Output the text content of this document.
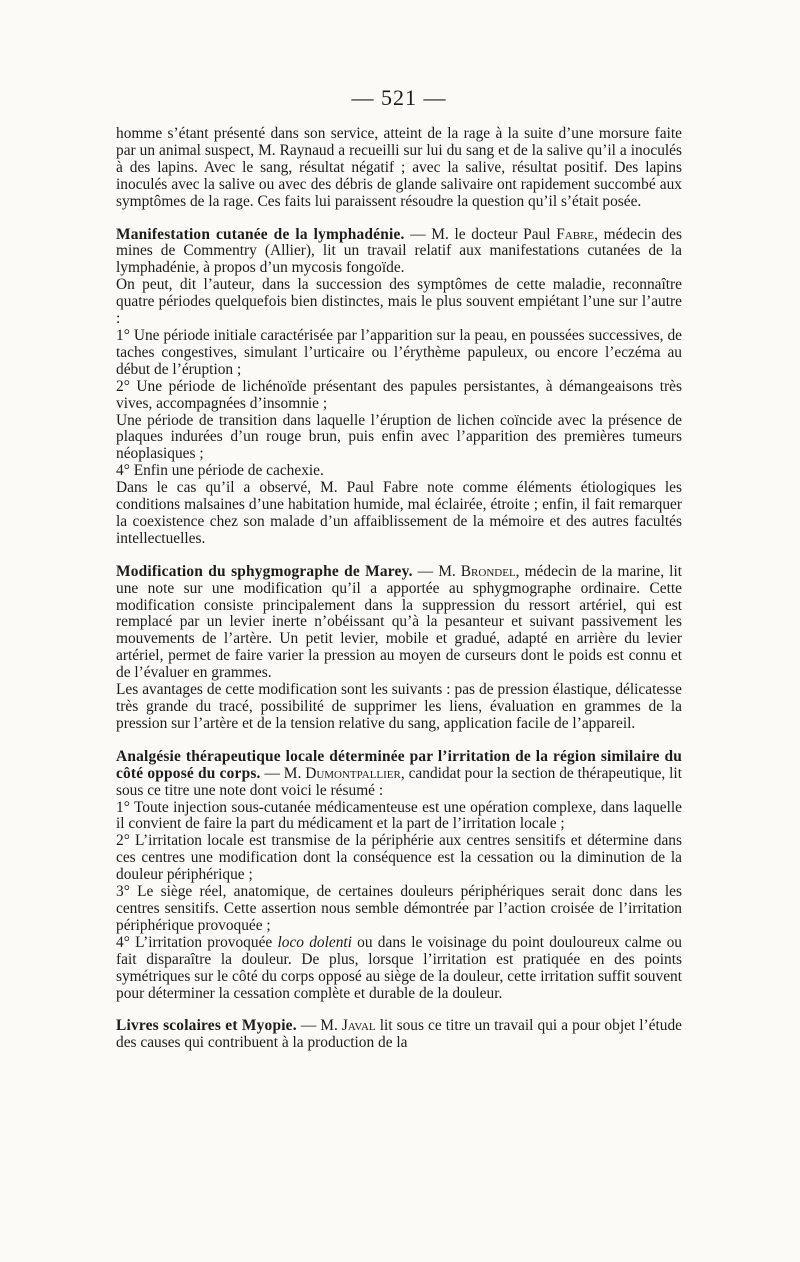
— 521 —

homme s’étant présenté dans son service, atteint de la rage à la suite d’une morsure faite par un animal suspect, M. Raynaud a recueilli sur lui du sang et de la salive qu’il a inoculés à des lapins. Avec le sang, résultat négatif ; avec la salive, résultat positif. Des lapins inoculés avec la salive ou avec des débris de glande salivaire ont rapidement succombé aux symptômes de la rage. Ces faits lui paraissent résoudre la question qu’il s’était posée.

Manifestation cutanée de la lymphadénie. — M. le docteur Paul Fabre, médecin des mines de Commentry (Allier), lit un travail relatif aux manifestations cutanées de la lymphadénie, à propos d’un mycosis fongoïde.

On peut, dit l’auteur, dans la succession des symptômes de cette maladie, reconnaître quatre périodes quelquefois bien distinctes, mais le plus souvent empiétant l’une sur l’autre :

1° Une période initiale caractérisée par l’apparition sur la peau, en poussées successives, de taches congestives, simulant l’urticaire ou l’érythème papuleux, ou encore l’eczéma au début de l’éruption ;

2° Une période de lichénoïde présentant des papules persistantes, à démangeaisons très vives, accompagnées d’insomnie ;

Une période de transition dans laquelle l’éruption de lichen coïncide avec la présence de plaques indurées d’un rouge brun, puis enfin avec l’apparition des premières tumeurs néoplasiques ;

4° Enfin une période de cachexie.

Dans le cas qu’il a observé, M. Paul Fabre note comme éléments étiologiques les conditions malsaines d’une habitation humide, mal éclairée, étroite ; enfin, il fait remarquer la coexistence chez son malade d’un affaiblissement de la mémoire et des autres facultés intellectuelles.

Modification du sphygmographe de Marey. — M. Brondel, médecin de la marine, lit une note sur une modification qu’il a apportée au sphygmographe ordinaire. Cette modification consiste principalement dans la suppression du ressort artériel, qui est remplacé par un levier inerte n’obéissant qu’à la pesanteur et suivant passivement les mouvements de l’artère. Un petit levier, mobile et gradué, adapté en arrière du levier artériel, permet de faire varier la pression au moyen de curseurs dont le poids est connu et de l’évaluer en grammes.

Les avantages de cette modification sont les suivants : pas de pression élastique, délicatesse très grande du tracé, possibilité de supprimer les liens, évaluation en grammes de la pression sur l’artère et de la tension relative du sang, application facile de l’appareil.

Analgésie thérapeutique locale déterminée par l’irritation de la région similaire du côté opposé du corps. — M. Dumontpallier, candidat pour la section de thérapeutique, lit sous ce titre une note dont voici le résumé :

1° Toute injection sous-cutanée médicamenteuse est une opération complexe, dans laquelle il convient de faire la part du médicament et la part de l’irritation locale ;

2° L’irritation locale est transmise de la périphérie aux centres sensitifs et détermine dans ces centres une modification dont la conséquence est la cessation ou la diminution de la douleur périphérique ;

3° Le siège réel, anatomique, de certaines douleurs périphériques serait donc dans les centres sensitifs. Cette assertion nous semble démontrée par l’action croisée de l’irritation périphérique provoquée ;

4° L’irritation provoquée loco dolenti ou dans le voisinage du point douloureux calme ou fait disparaître la douleur. De plus, lorsque l’irritation est pratiquée en des points symétriques sur le côté du corps opposé au siège de la douleur, cette irritation suffit souvent pour déterminer la cessation complète et durable de la douleur.

Livres scolaires et Myopie. — M. Javal lit sous ce titre un travail qui a pour objet l’étude des causes qui contribuent à la production de la
